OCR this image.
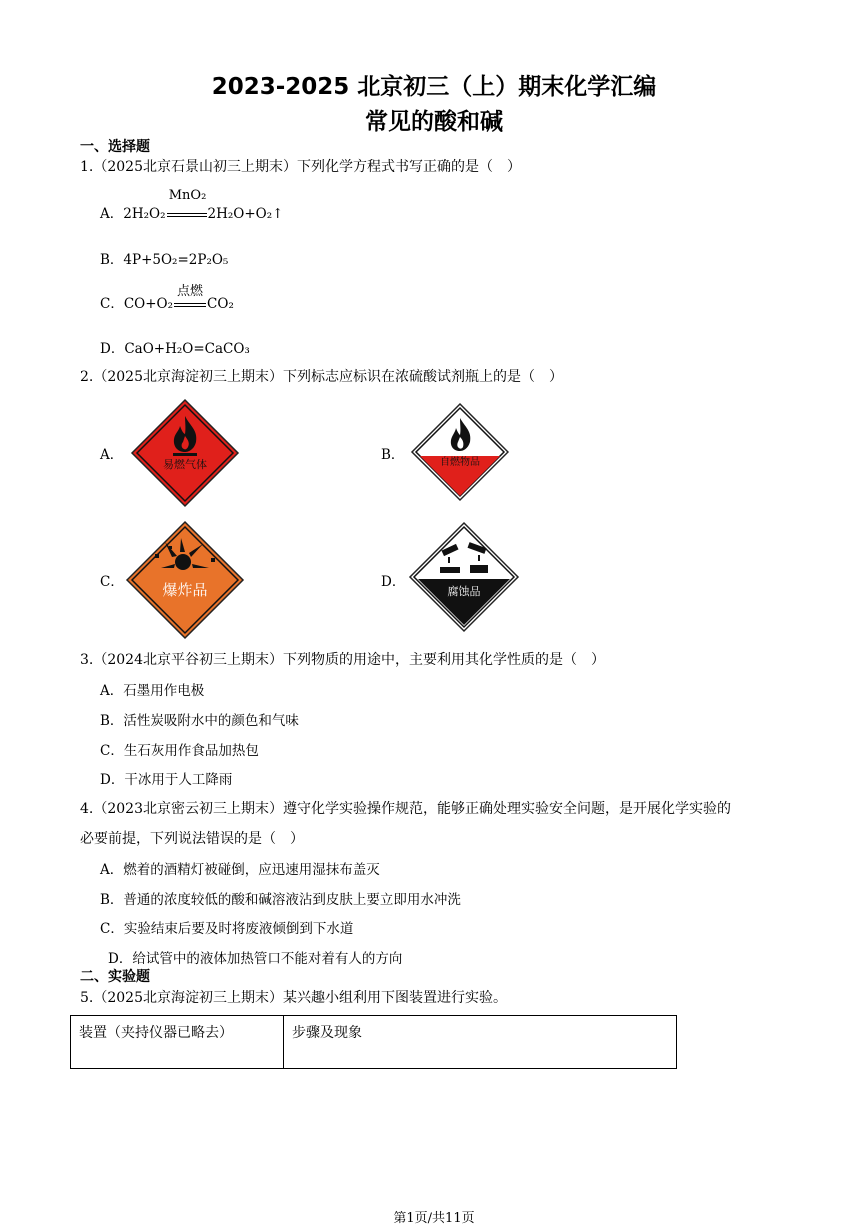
2023-2025 北京初三（上）期末化学汇编
常见的酸和碱
一、选择题
1.（2025北京石景山初三上期末）下列化学方程式书写正确的是（　）
A．2H₂O₂
MnO₂
2H₂O+O₂↑
B．4P+5O₂=2P₂O₅
C．CO+O₂
点燃
CO₂
D．CaO+H₂O=CaCO₃
2.（2025北京海淀初三上期末）下列标志应标识在浓硫酸试剂瓶上的是（　）
A．
易燃气体
B．	自燃物品
C．	爆炸品	D．
腐蚀品
3.（2024北京平谷初三上期末）下列物质的用途中，主要利用其化学性质的是（　）
A．石墨用作电极
B．活性炭吸附水中的颜色和气味
C．生石灰用作食品加热包
D．干冰用于人工降雨
4.（2023北京密云初三上期末）遵守化学实验操作规范，能够正确处理实验安全问题，是开展化学实验的
必要前提，下列说法错误的是（　）
A．燃着的酒精灯被碰倒，应迅速用湿抹布盖灭
B．普通的浓度较低的酸和碱溶液沾到皮肤上要立即用水冲洗
C．实验结束后要及时将废液倾倒到下水道
D．给试管中的液体加热管口不能对着有人的方向
二、实验题
5.（2025北京海淀初三上期末）某兴趣小组利用下图装置进行实验。
装置（夹持仪器已略去）	步骤及现象
第1页/共11页
